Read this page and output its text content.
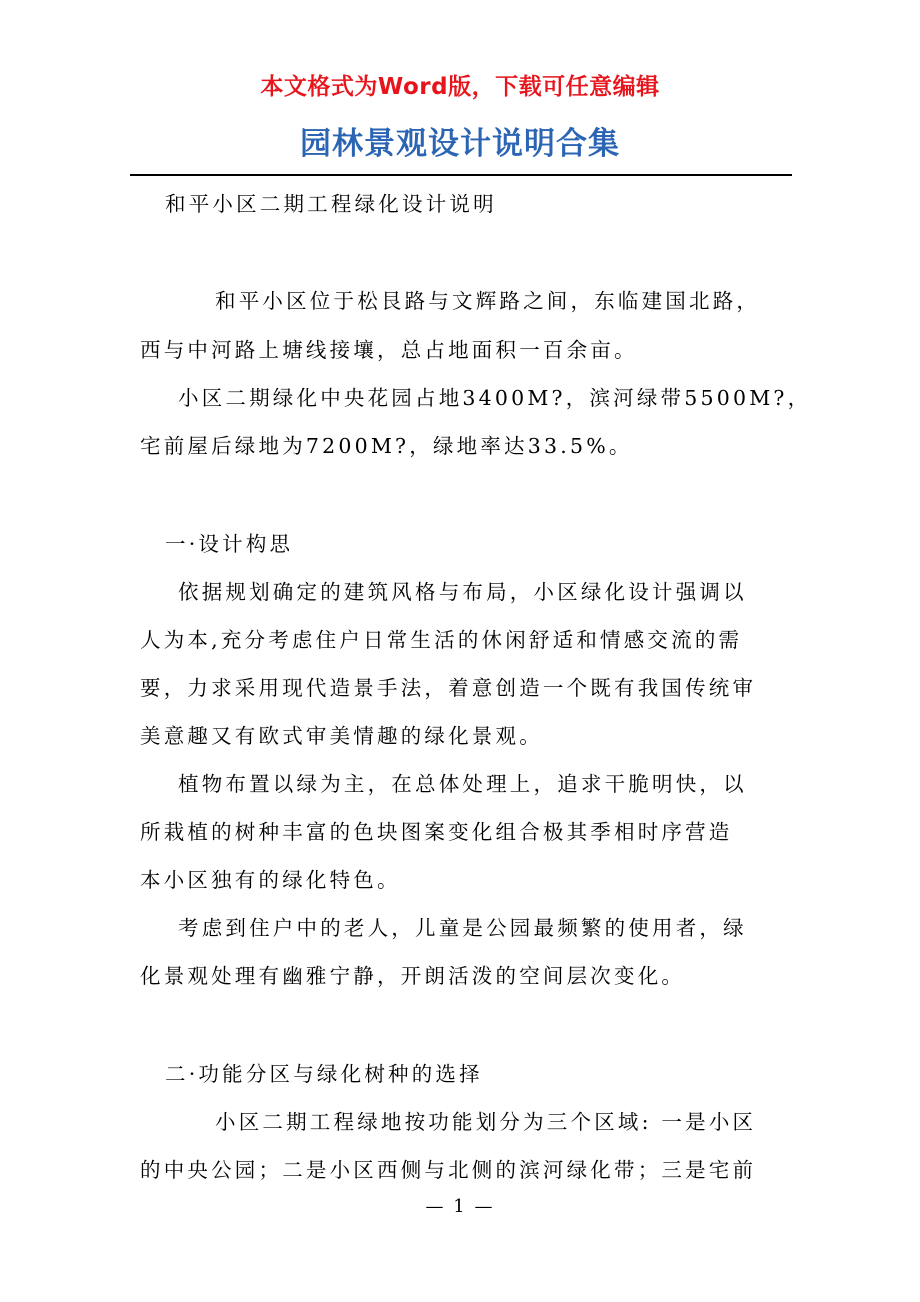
本文格式为Word版，下载可任意编辑
园林景观设计说明合集
和平小区二期工程绿化设计说明
和平小区位于松艮路与文辉路之间，东临建国北路，
西与中河路上塘线接壤，总占地面积一百余亩。
小区二期绿化中央花园占地3400M?，滨河绿带5500M?，
宅前屋后绿地为7200M?，绿地率达33.5%。
一·设计构思
依据规划确定的建筑风格与布局，小区绿化设计强调以
人为本,充分考虑住户日常生活的休闲舒适和情感交流的需
要，力求采用现代造景手法，着意创造一个既有我国传统审
美意趣又有欧式审美情趣的绿化景观。
植物布置以绿为主，在总体处理上，追求干脆明快，以
所栽植的树种丰富的色块图案变化组合极其季相时序营造
本小区独有的绿化特色。
考虑到住户中的老人，儿童是公园最频繁的使用者，绿
化景观处理有幽雅宁静，开朗活泼的空间层次变化。
二·功能分区与绿化树种的选择
小区二期工程绿地按功能划分为三个区域: 一是小区
的中央公园；二是小区西侧与北侧的滨河绿化带；三是宅前
— 1 —
